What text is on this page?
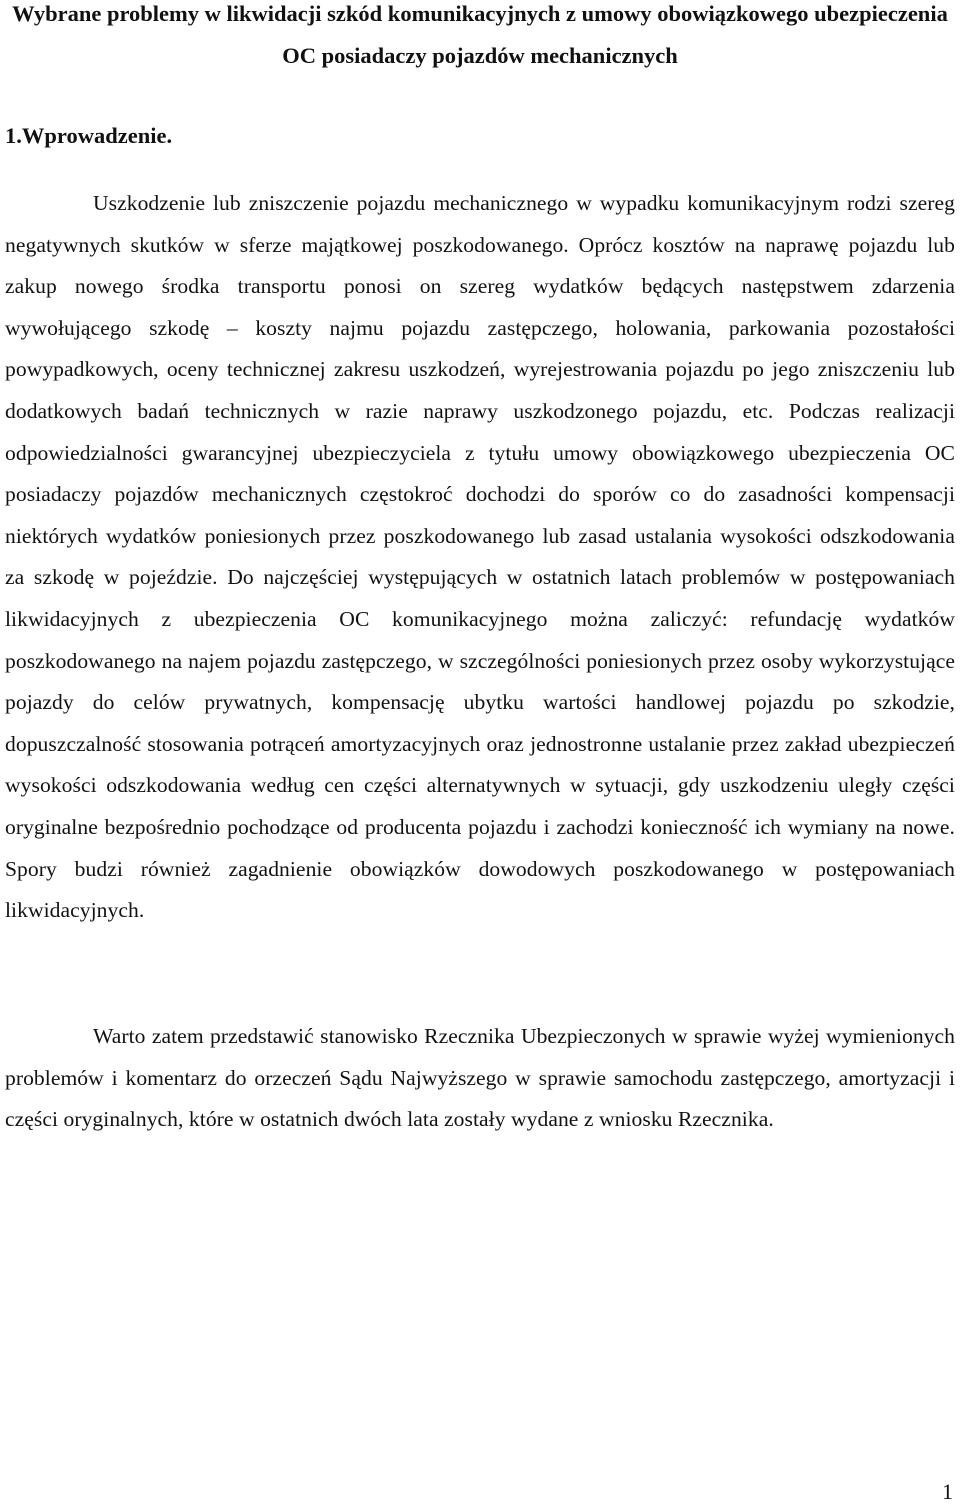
Wybrane problemy w likwidacji szkód komunikacyjnych z umowy obowiązkowego ubezpieczenia OC posiadaczy pojazdów mechanicznych
1.Wprowadzenie.

Uszkodzenie lub zniszczenie pojazdu mechanicznego w wypadku komunikacyjnym rodzi szereg negatywnych skutków w sferze majątkowej poszkodowanego. Oprócz kosztów na naprawę pojazdu lub zakup nowego środka transportu ponosi on szereg wydatków będących następstwem zdarzenia wywołującego szkodę – koszty najmu pojazdu zastępczego, holowania, parkowania pozostałości powypadkowych, oceny technicznej zakresu uszkodzeń, wyrejestrowania pojazdu po jego zniszczeniu lub dodatkowych badań technicznych w razie naprawy uszkodzonego pojazdu, etc. Podczas realizacji odpowiedzialności gwarancyjnej ubezpieczyciela z tytułu umowy obowiązkowego ubezpieczenia OC posiadaczy pojazdów mechanicznych częstokroć dochodzi do sporów co do zasadności kompensacji niektórych wydatków poniesionych przez poszkodowanego lub zasad ustalania wysokości odszkodowania za szkodę w pojeździe. Do najczęściej występujących w ostatnich latach problemów w postępowaniach likwidacyjnych z ubezpieczenia OC komunikacyjnego można zaliczyć: refundację wydatków poszkodowanego na najem pojazdu zastępczego, w szczególności poniesionych przez osoby wykorzystujące pojazdy do celów prywatnych, kompensację ubytku wartości handlowej pojazdu po szkodzie, dopuszczalność stosowania potrąceń amortyzacyjnych oraz jednostronne ustalanie przez zakład ubezpieczeń wysokości odszkodowania według cen części alternatywnych w sytuacji, gdy uszkodzeniu uległy części oryginalne bezpośrednio pochodzące od producenta pojazdu i zachodzi konieczność ich wymiany na nowe. Spory budzi również zagadnienie obowiązków dowodowych poszkodowanego w postępowaniach likwidacyjnych.

Warto zatem przedstawić stanowisko Rzecznika Ubezpieczonych w sprawie wyżej wymienionych problemów i komentarz do orzeczeń Sądu Najwyższego w sprawie samochodu zastępczego, amortyzacji i części oryginalnych, które w ostatnich dwóch lata zostały wydane z wniosku Rzecznika.

1
